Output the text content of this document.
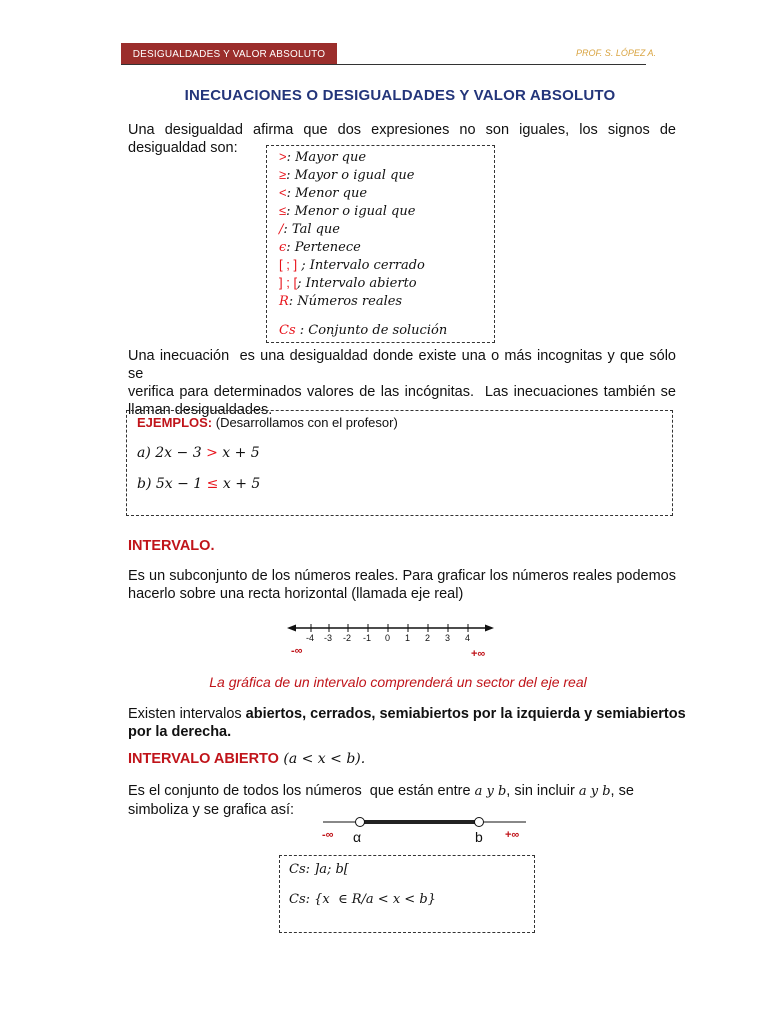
DESIGUALDADES Y VALOR ABSOLUTO	PROF. S. LÓPEZ A.
INECUACIONES O DESIGUALDADES Y VALOR ABSOLUTO
Una desigualdad afirma que dos expresiones no son iguales, los signos de
desigualdad son:
>: Mayor que
≥: Mayor o igual que
<: Menor que
≤: Menor o igual que
/: Tal que
ϵ: Pertenece
[ ; ] ; Intervalo cerrado
] ; [; Intervalo abierto
R: Números reales
Cs : Conjunto de solución
Una inecuación  es una desigualdad donde existe una o más incognitas y que sólo se
verifica para determinados valores de las incógnitas.  Las inecuaciones también se
llaman desigualdades.
EJEMPLOS: (Desarrollamos con el profesor)
a) 2x − 3 > x + 5
b) 5x − 1 ≤ x + 5
INTERVALO.
Es un subconjunto de los números reales. Para graficar los números reales podemos
hacerlo sobre una recta horizontal (llamada eje real)
-4 -3 -2 -1 0 1 2 3 4
-∞	+∞
La gráfica de un intervalo comprenderá un sector del eje real
Existen intervalos abiertos, cerrados, semiabiertos por la izquierda y semiabiertos
por la derecha.
INTERVALO ABIERTO (a < x < b).
Es el conjunto de todos los números  que están entre a y b, sin incluir a y b, se
simboliza y se grafica así:
-∞ α	b +∞
Cs: ]a; b[
Cs: {x  ∈ R/a < x < b}
